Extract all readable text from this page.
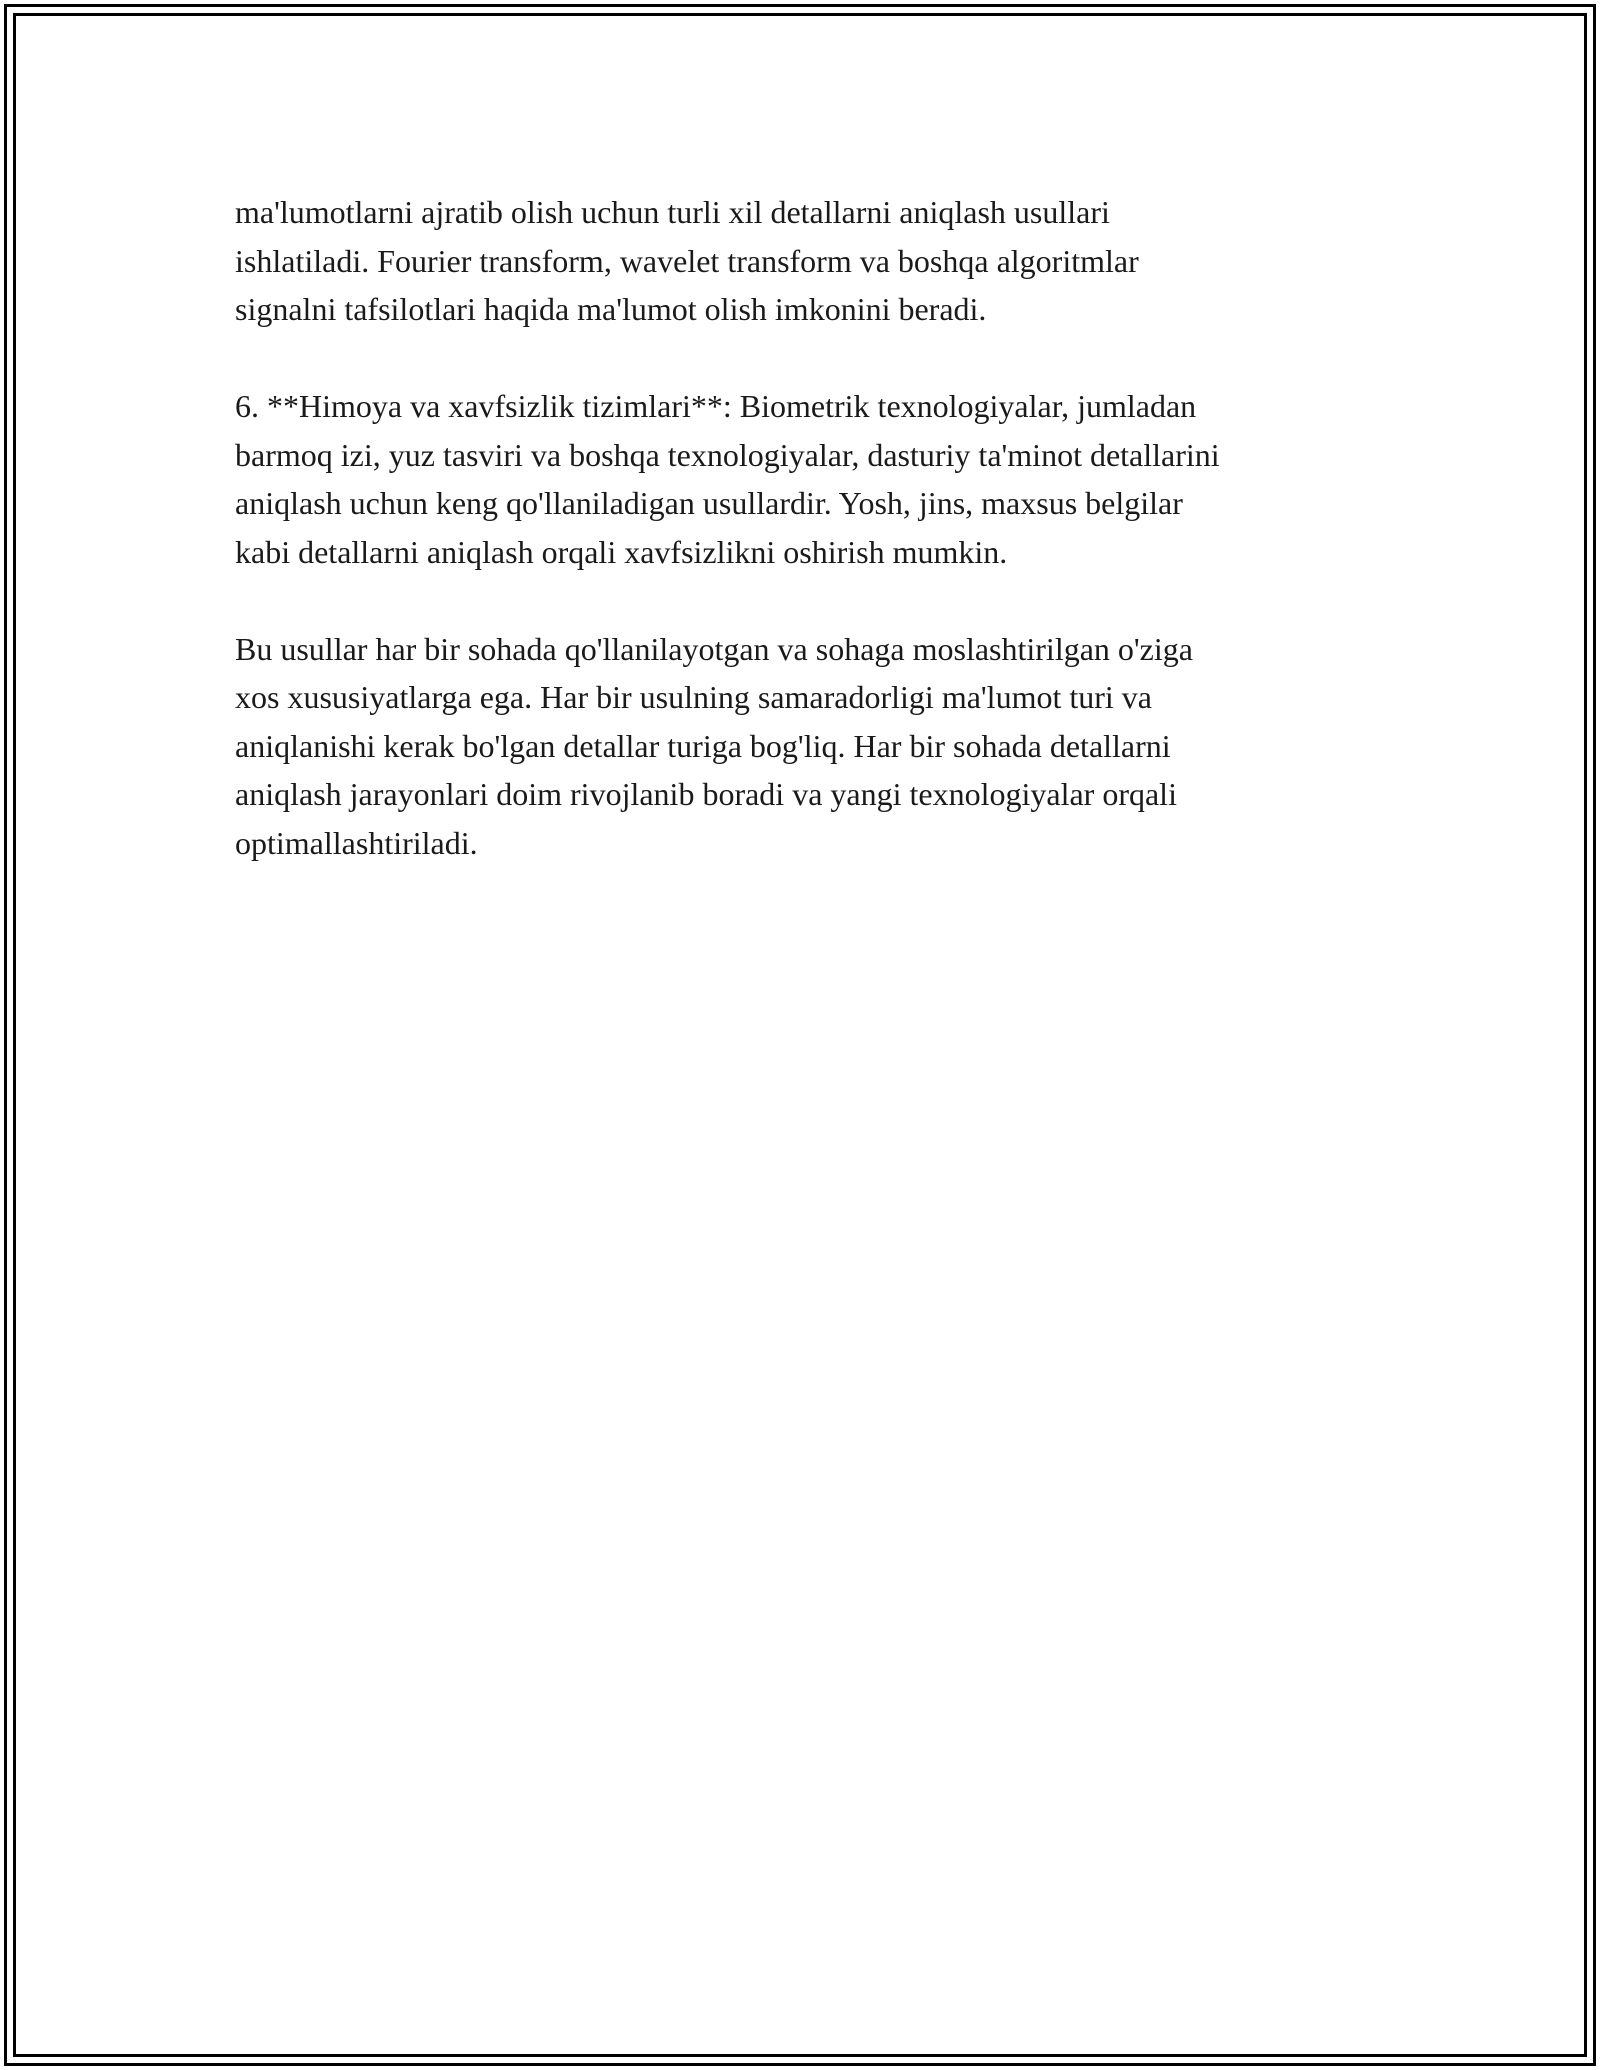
ma'lumotlarni ajratib olish uchun turli xil detallarni aniqlash usullari
ishlatiladi. Fourier transform, wavelet transform va boshqa algoritmlar
signalni tafsilotlari haqida ma'lumot olish imkonini beradi.

6. **Himoya va xavfsizlik tizimlari**: Biometrik texnologiyalar, jumladan
barmoq izi, yuz tasviri va boshqa texnologiyalar, dasturiy ta'minot detallarini
aniqlash uchun keng qo'llaniladigan usullardir. Yosh, jins, maxsus belgilar
kabi detallarni aniqlash orqali xavfsizlikni oshirish mumkin.

Bu usullar har bir sohada qo'llanilayotgan va sohaga moslashtirilgan o'ziga
xos xususiyatlarga ega. Har bir usulning samaradorligi ma'lumot turi va
aniqlanishi kerak bo'lgan detallar turiga bog'liq. Har bir sohada detallarni
aniqlash jarayonlari doim rivojlanib boradi va yangi texnologiyalar orqali
optimallashtiriladi.
